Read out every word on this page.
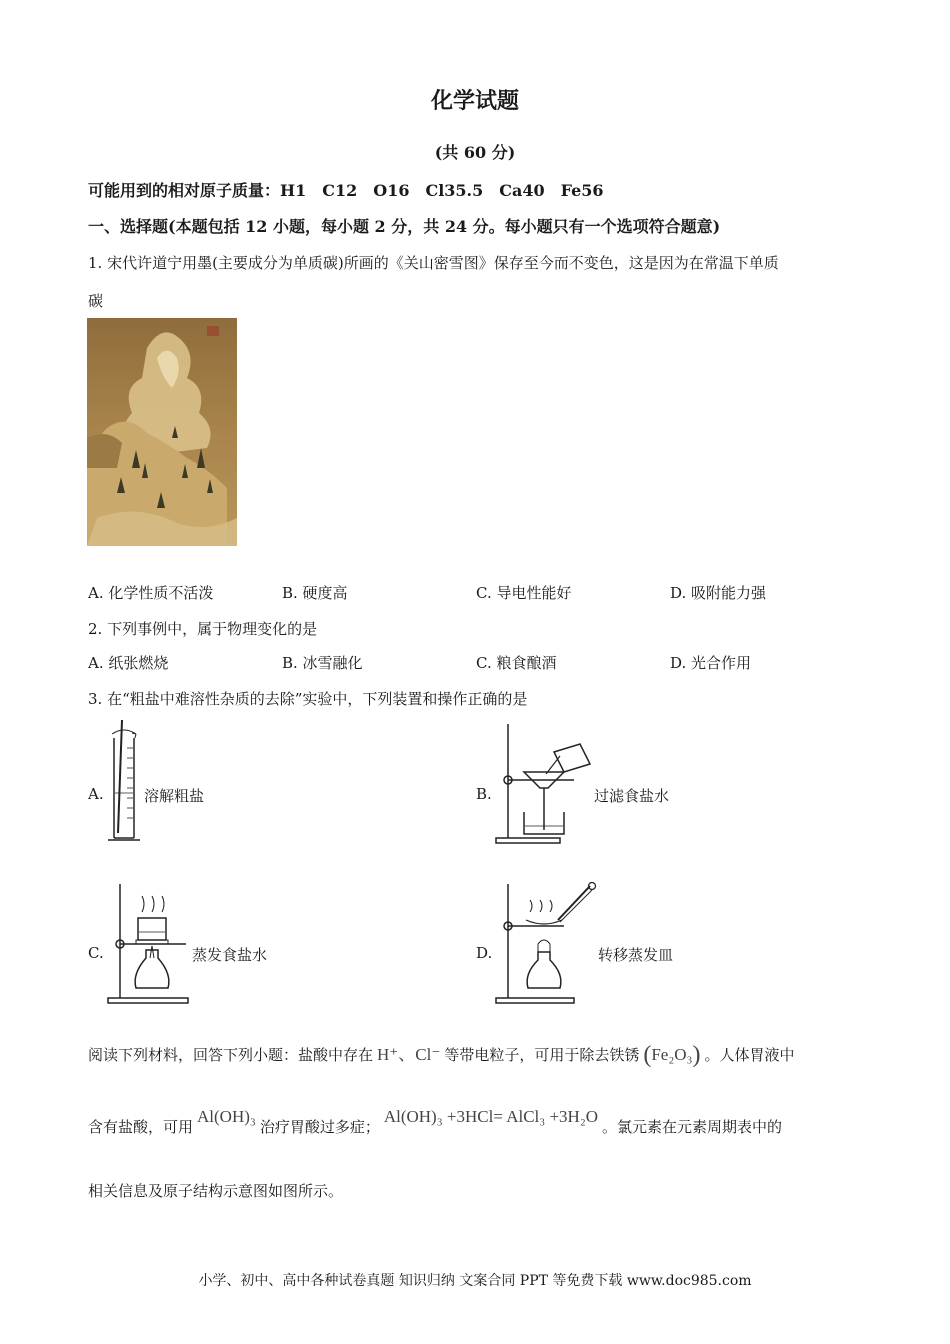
化学试题
(共 60 分)
可能用到的相对原子质量：H1　C12　O16　Cl35.5　Ca40　Fe56
一、选择题(本题包括 12 小题，每小题 2 分，共 24 分。每小题只有一个选项符合题意)
1. 宋代许道宁用墨(主要成分为单质碳)所画的《关山密雪图》保存至今而不变色，这是因为在常温下单质
碳
A. 化学性质不活泼	B. 硬度高	C. 导电性能好	D. 吸附能力强
2. 下列事例中，属于物理变化的是
A. 纸张燃烧	B. 冰雪融化	C. 粮食酿酒	D. 光合作用
3. 在“粗盐中难溶性杂质的去除”实验中，下列装置和操作正确的是
A.	溶解粗盐	B.	过滤食盐水
C.	蒸发食盐水	D.	转移蒸发皿
阅读下列材料，回答下列小题：盐酸中存在 H⁺、Cl⁻ 等带电粒子，可用于除去铁锈 (Fe₂O₃) 。人体胃液中
含有盐酸，可用Al(OH)₃治疗胃酸过多症；Al(OH)₃ +3HCl= AlCl₃ +3H₂O。氯元素在元素周期表中的
相关信息及原子结构示意图如图所示。
小学、初中、高中各种试卷真题 知识归纳 文案合同 PPT 等免费下载 www.doc985.com
